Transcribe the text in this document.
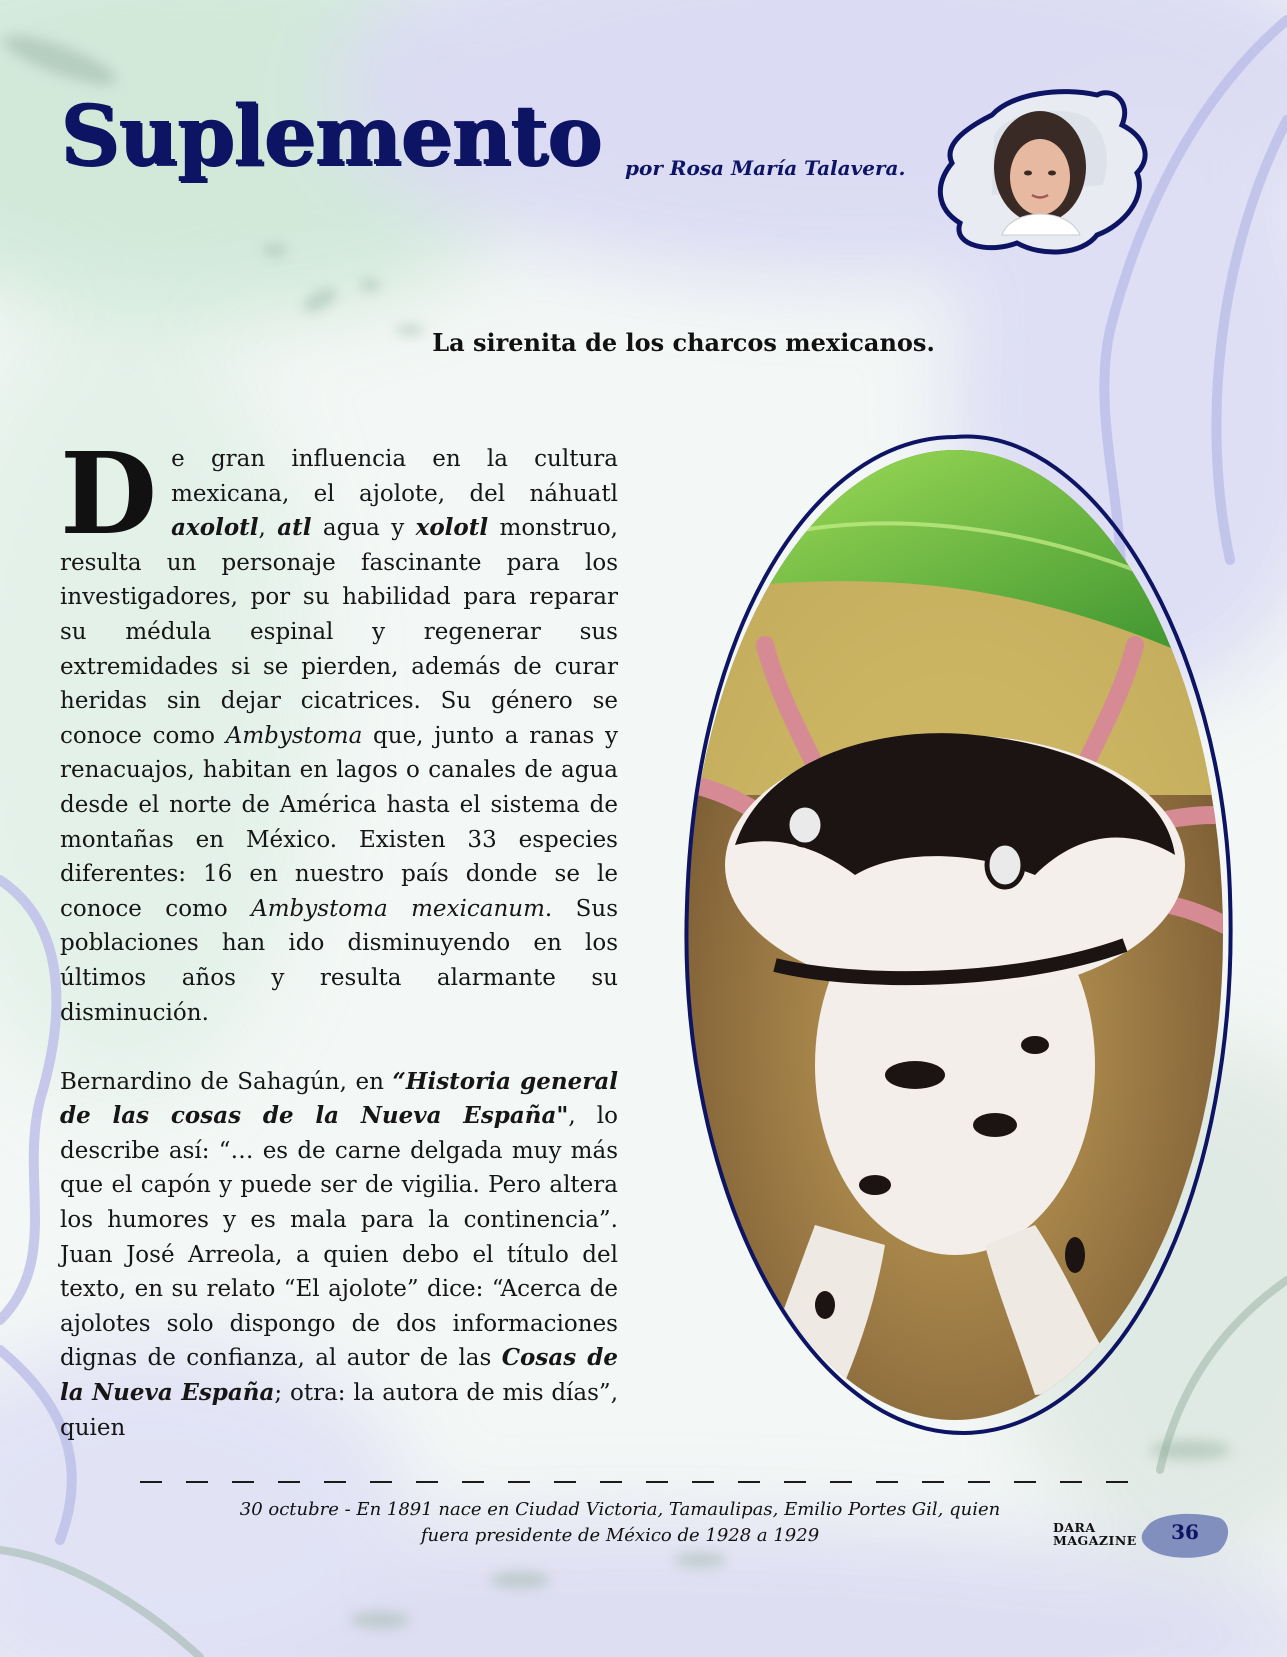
Suplemento por Rosa María Talavera.
La sirenita de los charcos mexicanos.

De gran influencia en la cultura mexicana, el ajolote, del náhuatl axolotl, atl agua y xolotl monstruo, resulta un personaje fascinante para los investigadores, por su habilidad para reparar su médula espinal y regenerar sus extremidades si se pierden, además de curar heridas sin dejar cicatrices. Su género se conoce como Ambystoma que, junto a ranas y renacuajos, habitan en lagos o canales de agua desde el norte de América hasta el sistema de montañas en México. Existen 33 especies diferentes: 16 en nuestro país donde se le conoce como Ambystoma mexicanum. Sus poblaciones han ido disminuyendo en los últimos años y resulta alarmante su disminución.

Bernardino de Sahagún, en “Historia general de las cosas de la Nueva España", lo describe así: “… es de carne delgada muy más que el capón y puede ser de vigilia. Pero altera los humores y es mala para la continencia”. Juan José Arreola, a quien debo el título del texto, en su relato “El ajolote” dice: “Acerca de ajolotes solo dispongo de dos informaciones dignas de confianza, al autor de las Cosas de la Nueva España; otra: la autora de mis días”, quien

30 octubre - En 1891 nace en Ciudad Victoria, Tamaulipas, Emilio Portes Gil, quien
fuera presidente de México de 1928 a 1929	DARA
MAGAZINE	36
